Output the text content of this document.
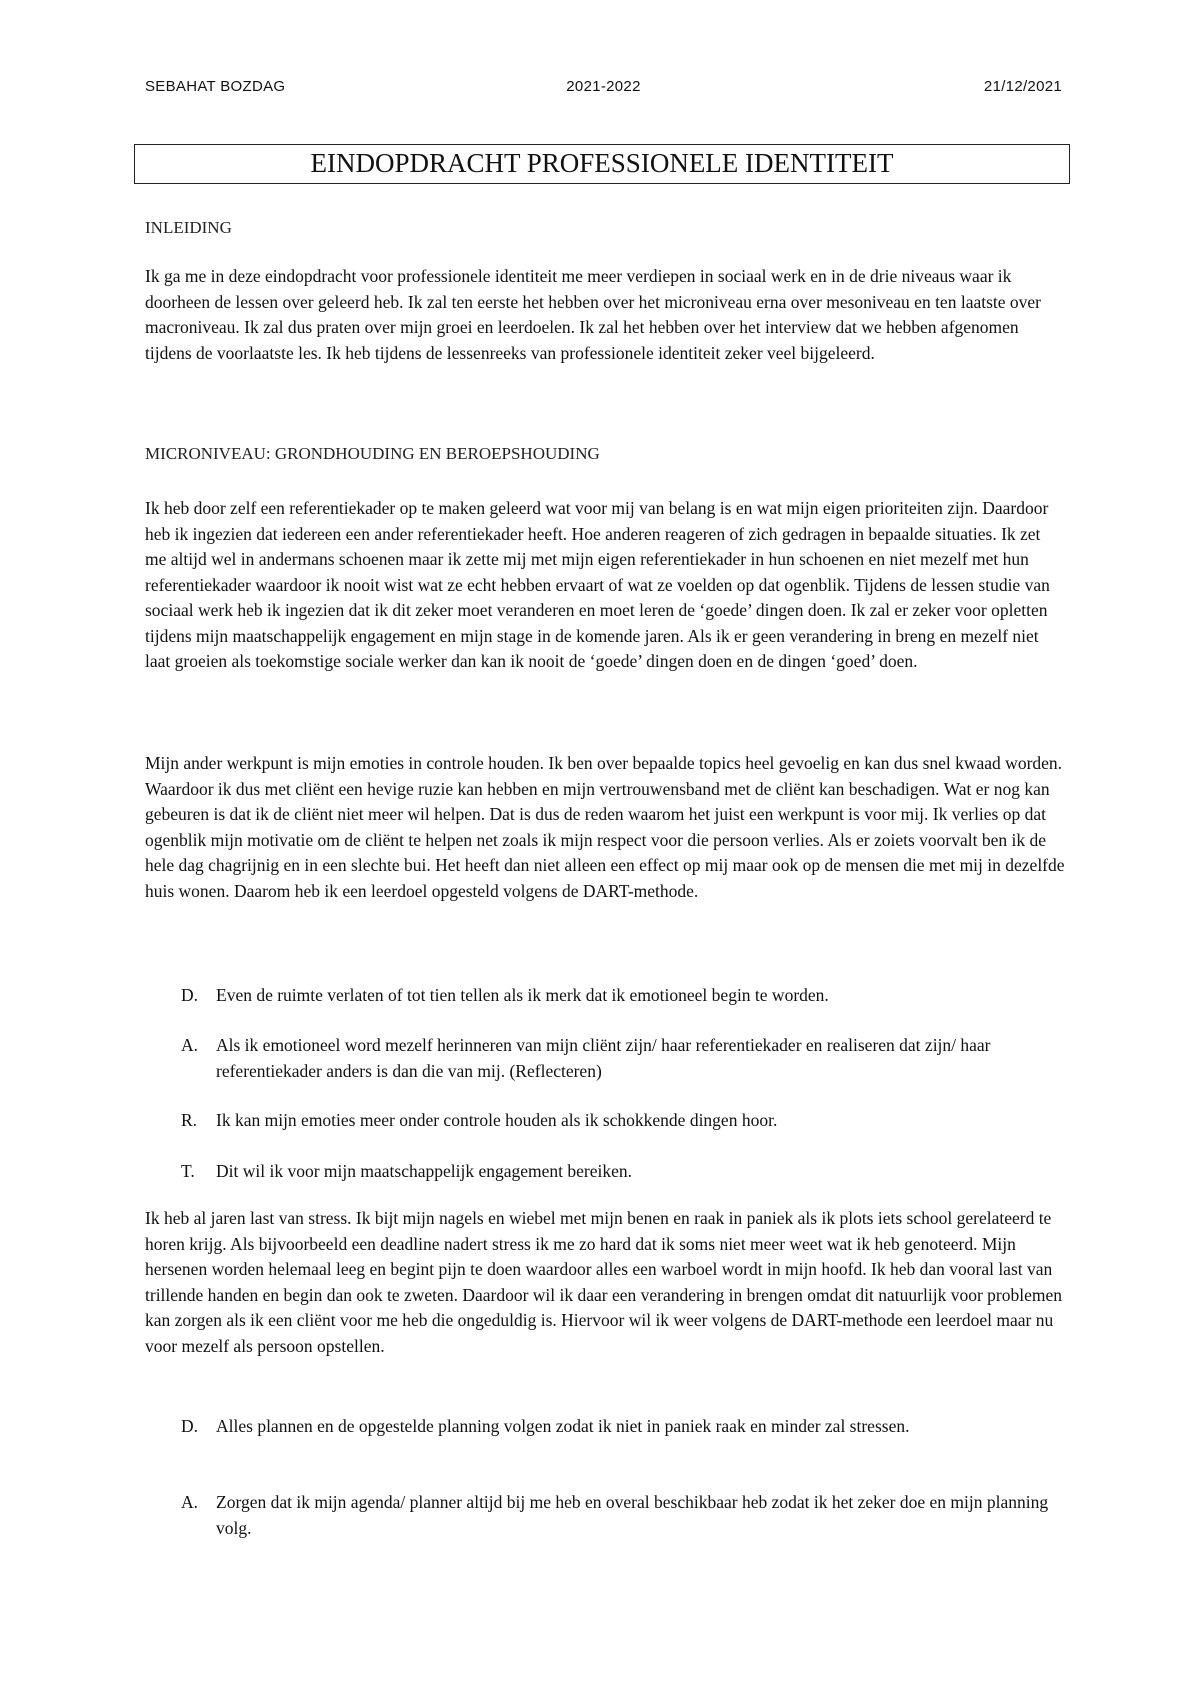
SEBAHAT BOZDAG	2021-2022	21/12/2021
EINDOPDRACHT PROFESSIONELE IDENTITEIT
INLEIDING

Ik ga me in deze eindopdracht voor professionele identiteit me meer verdiepen in sociaal werk en in de drie niveaus waar ik doorheen de lessen over geleerd heb. Ik zal ten eerste het hebben over het microniveau erna over mesoniveau en ten laatste over macroniveau. Ik zal dus praten over mijn groei en leerdoelen. Ik zal het hebben over het interview dat we hebben afgenomen tijdens de voorlaatste les. Ik heb tijdens de lessenreeks van professionele identiteit zeker veel bijgeleerd.

MICRONIVEAU: GRONDHOUDING EN BEROEPSHOUDING

Ik heb door zelf een referentiekader op te maken geleerd wat voor mij van belang is en wat mijn eigen prioriteiten zijn. Daardoor heb ik ingezien dat iedereen een ander referentiekader heeft. Hoe anderen reageren of zich gedragen in bepaalde situaties. Ik zet me altijd wel in andermans schoenen maar ik zette mij met mijn eigen referentiekader in hun schoenen en niet mezelf met hun referentiekader waardoor ik nooit wist wat ze echt hebben ervaart of wat ze voelden op dat ogenblik. Tijdens de lessen studie van sociaal werk heb ik ingezien dat ik dit zeker moet veranderen en moet leren de ‘goede’ dingen doen. Ik zal er zeker voor opletten tijdens mijn maatschappelijk engagement en mijn stage in de komende jaren. Als ik er geen verandering in breng en mezelf niet laat groeien als toekomstige sociale werker dan kan ik nooit de ‘goede’ dingen doen en de dingen ‘goed’ doen.

Mijn ander werkpunt is mijn emoties in controle houden. Ik ben over bepaalde topics heel gevoelig en kan dus snel kwaad worden. Waardoor ik dus met cliënt een hevige ruzie kan hebben en mijn vertrouwensband met de cliënt kan beschadigen. Wat er nog kan gebeuren is dat ik de cliënt niet meer wil helpen. Dat is dus de reden waarom het juist een werkpunt is voor mij. Ik verlies op dat ogenblik mijn motivatie om de cliënt te helpen net zoals ik mijn respect voor die persoon verlies. Als er zoiets voorvalt ben ik de hele dag chagrijnig en in een slechte bui. Het heeft dan niet alleen een effect op mij maar ook op de mensen die met mij in dezelfde huis wonen. Daarom heb ik een leerdoel opgesteld volgens de DART-methode.

D. Even de ruimte verlaten of tot tien tellen als ik merk dat ik emotioneel begin te worden.
A. Als ik emotioneel word mezelf herinneren van mijn cliënt zijn/ haar referentiekader en realiseren dat zijn/ haar referentiekader anders is dan die van mij. (Reflecteren)
R. Ik kan mijn emoties meer onder controle houden als ik schokkende dingen hoor.
T. Dit wil ik voor mijn maatschappelijk engagement bereiken.

Ik heb al jaren last van stress. Ik bijt mijn nagels en wiebel met mijn benen en raak in paniek als ik plots iets school gerelateerd te horen krijg. Als bijvoorbeeld een deadline nadert stress ik me zo hard dat ik soms niet meer weet wat ik heb genoteerd. Mijn hersenen worden helemaal leeg en begint pijn te doen waardoor alles een warboel wordt in mijn hoofd. Ik heb dan vooral last van trillende handen en begin dan ook te zweten. Daardoor wil ik daar een verandering in brengen omdat dit natuurlijk voor problemen kan zorgen als ik een cliënt voor me heb die ongeduldig is. Hiervoor wil ik weer volgens de DART-methode een leerdoel maar nu voor mezelf als persoon opstellen.

D. Alles plannen en de opgestelde planning volgen zodat ik niet in paniek raak en minder zal stressen.
A. Zorgen dat ik mijn agenda/ planner altijd bij me heb en overal beschikbaar heb zodat ik het zeker doe en mijn planning volg.
